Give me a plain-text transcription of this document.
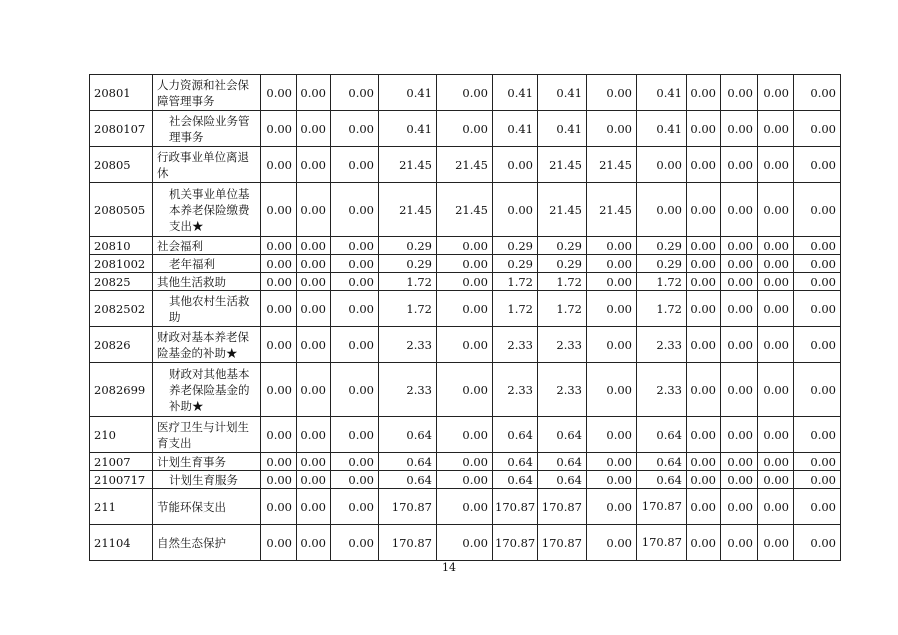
20801	人力资源和社会保障管理事务	0.00	0.00	0.00	0.41	0.00	0.41	0.41	0.00	0.41	0.00	0.00	0.00	0.00
2080107	社会保险业务管理事务	0.00	0.00	0.00	0.41	0.00	0.41	0.41	0.00	0.41	0.00	0.00	0.00	0.00
20805	行政事业单位离退休	0.00	0.00	0.00	21.45	21.45	0.00	21.45	21.45	0.00	0.00	0.00	0.00	0.00
2080505	机关事业单位基本养老保险缴费支出★	0.00	0.00	0.00	21.45	21.45	0.00	21.45	21.45	0.00	0.00	0.00	0.00	0.00
20810	社会福利	0.00	0.00	0.00	0.29	0.00	0.29	0.29	0.00	0.29	0.00	0.00	0.00	0.00
2081002	老年福利	0.00	0.00	0.00	0.29	0.00	0.29	0.29	0.00	0.29	0.00	0.00	0.00	0.00
20825	其他生活救助	0.00	0.00	0.00	1.72	0.00	1.72	1.72	0.00	1.72	0.00	0.00	0.00	0.00
2082502	其他农村生活救助	0.00	0.00	0.00	1.72	0.00	1.72	1.72	0.00	1.72	0.00	0.00	0.00	0.00
20826	财政对基本养老保险基金的补助★	0.00	0.00	0.00	2.33	0.00	2.33	2.33	0.00	2.33	0.00	0.00	0.00	0.00
2082699	财政对其他基本养老保险基金的补助★	0.00	0.00	0.00	2.33	0.00	2.33	2.33	0.00	2.33	0.00	0.00	0.00	0.00
210	医疗卫生与计划生育支出	0.00	0.00	0.00	0.64	0.00	0.64	0.64	0.00	0.64	0.00	0.00	0.00	0.00
21007	计划生育事务	0.00	0.00	0.00	0.64	0.00	0.64	0.64	0.00	0.64	0.00	0.00	0.00	0.00
2100717	计划生育服务	0.00	0.00	0.00	0.64	0.00	0.64	0.64	0.00	0.64	0.00	0.00	0.00	0.00
211	节能环保支出	0.00	0.00	0.00	170.87	0.00	170.87	170.87	0.00	170.87	0.00	0.00	0.00	0.00
21104	自然生态保护	0.00	0.00	0.00	170.87	0.00	170.87	170.87	0.00	170.87	0.00	0.00	0.00	0.00
14
